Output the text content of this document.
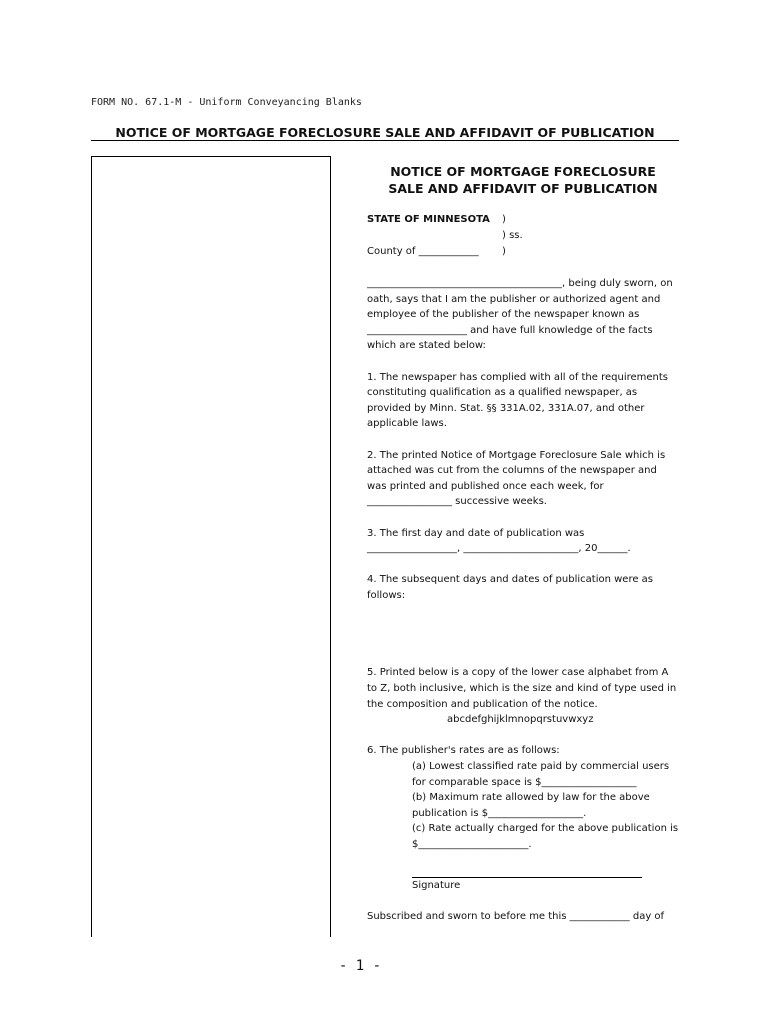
FORM NO. 67.1-M - Uniform Conveyancing Blanks
NOTICE OF MORTGAGE FORECLOSURE SALE AND AFFIDAVIT OF PUBLICATION
NOTICE OF MORTGAGE FORECLOSURE
SALE AND AFFIDAVIT OF PUBLICATION
STATE OF MINNESOTA )
) ss.
County of ____________ )

_______________________________________, being duly sworn, on oath, says that I am the publisher or authorized agent and employee of the publisher of the newspaper known as ____________________ and have full knowledge of the facts which are stated below:

1. The newspaper has complied with all of the requirements constituting qualification as a qualified newspaper, as provided by Minn. Stat. §§ 331A.02, 331A.07, and other applicable laws.

2. The printed Notice of Mortgage Foreclosure Sale which is attached was cut from the columns of the newspaper and was printed and published once each week, for _________________ successive weeks.

3. The first day and date of publication was __________________, _______________________, 20______.

4. The subsequent days and dates of publication were as follows:

5. Printed below is a copy of the lower case alphabet from A to Z, both inclusive, which is the size and kind of type used in the composition and publication of the notice.

abcdefghijklmnopqrstuvwxyz
6. The publisher's rates are as follows:
(a) Lowest classified rate paid by commercial users for comparable space is $___________________
(b) Maximum rate allowed by law for the above publication is $___________________.
(c) Rate actually charged for the above publication is $______________________.
Signature
Subscribed and sworn to before me this ____________ day of
- 1 -
